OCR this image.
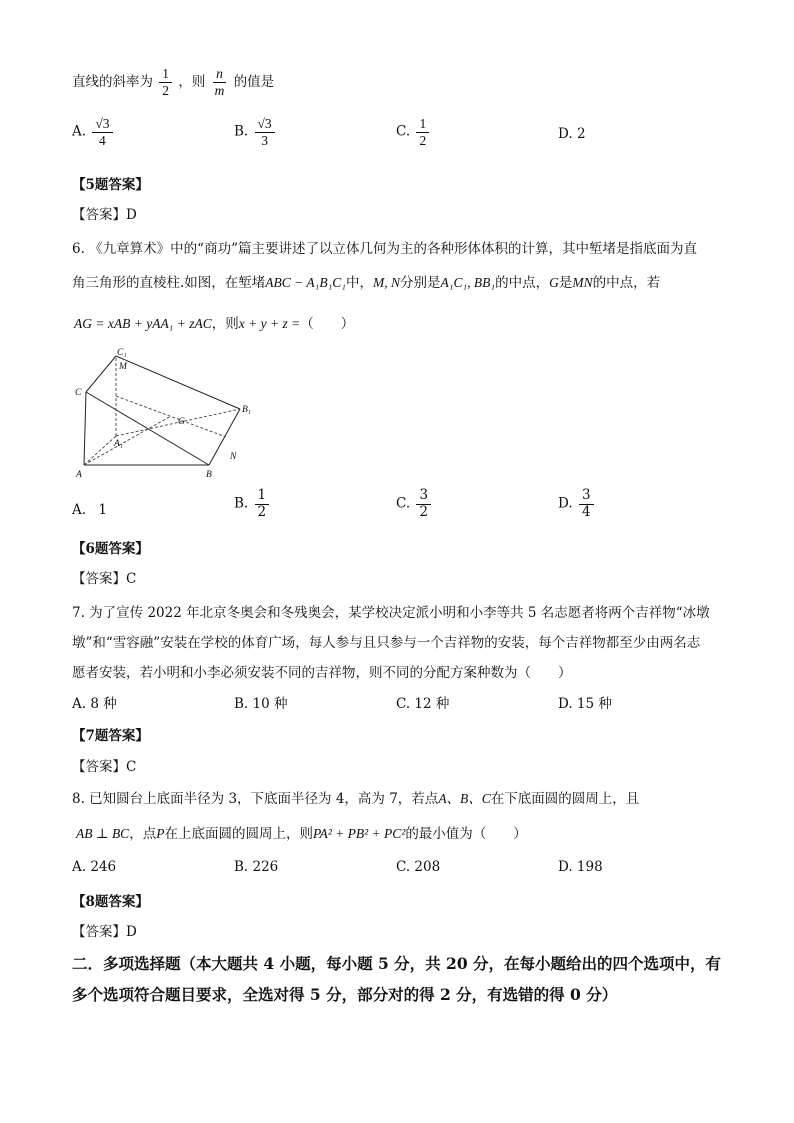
直线的斜率为 $\frac{1}{2}$ ，则 $\frac{n}{m}$ 的值是
A. $\frac{√3}{4}$	B. $\frac{√3}{3}$	C. $\frac{1}{2}$	D. 2
【5题答案】
【答案】D
6. 《九章算术》中的“商功”篇主要讲述了以立体几何为主的各种形体体积的计算，其中堑堵是指底面为直
角三角形的直棱柱.如图，在堑堵ABC − A₁B₁C₁中，M, N分别是A₁C₁, BB₁的中点，G是MN的中点，若
AG = xAB + yAA₁ + zAC，则x + y + z =（　　）
C₁
C
M
G
B₁
A₁
N
A	B
A. 1	B. $\frac{1}{2}$	C. $\frac{3}{2}$	D. $\frac{3}{4}$
【6题答案】
【答案】C
7. 为了宣传 2022 年北京冬奥会和冬残奥会，某学校决定派小明和小李等共 5 名志愿者将两个吉祥物“冰墩
墩”和“雪容融”安装在学校的体育广场，每人参与且只参与一个吉祥物的安装，每个吉祥物都至少由两名志
愿者安装，若小明和小李必须安装不同的吉祥物，则不同的分配方案种数为（　　）
A. 8 种	B. 10 种	C. 12 种	D. 15 种
【7题答案】
【答案】C
8. 已知圆台上底面半径为 3，下底面半径为 4，高为 7，若点A、B、C在下底面圆的圆周上，且
AB ⊥ BC，点P在上底面圆的圆周上，则PA² + PB² + PC²的最小值为（　　）
A. 246	B. 226	C. 208	D. 198
【8题答案】
【答案】D
二．多项选择题（本大题共 4 小题，每小题 5 分，共 20 分，在每小题给出的四个选项中，有
多个选项符合题目要求，全选对得 5 分，部分对的得 2 分，有选错的得 0 分）
